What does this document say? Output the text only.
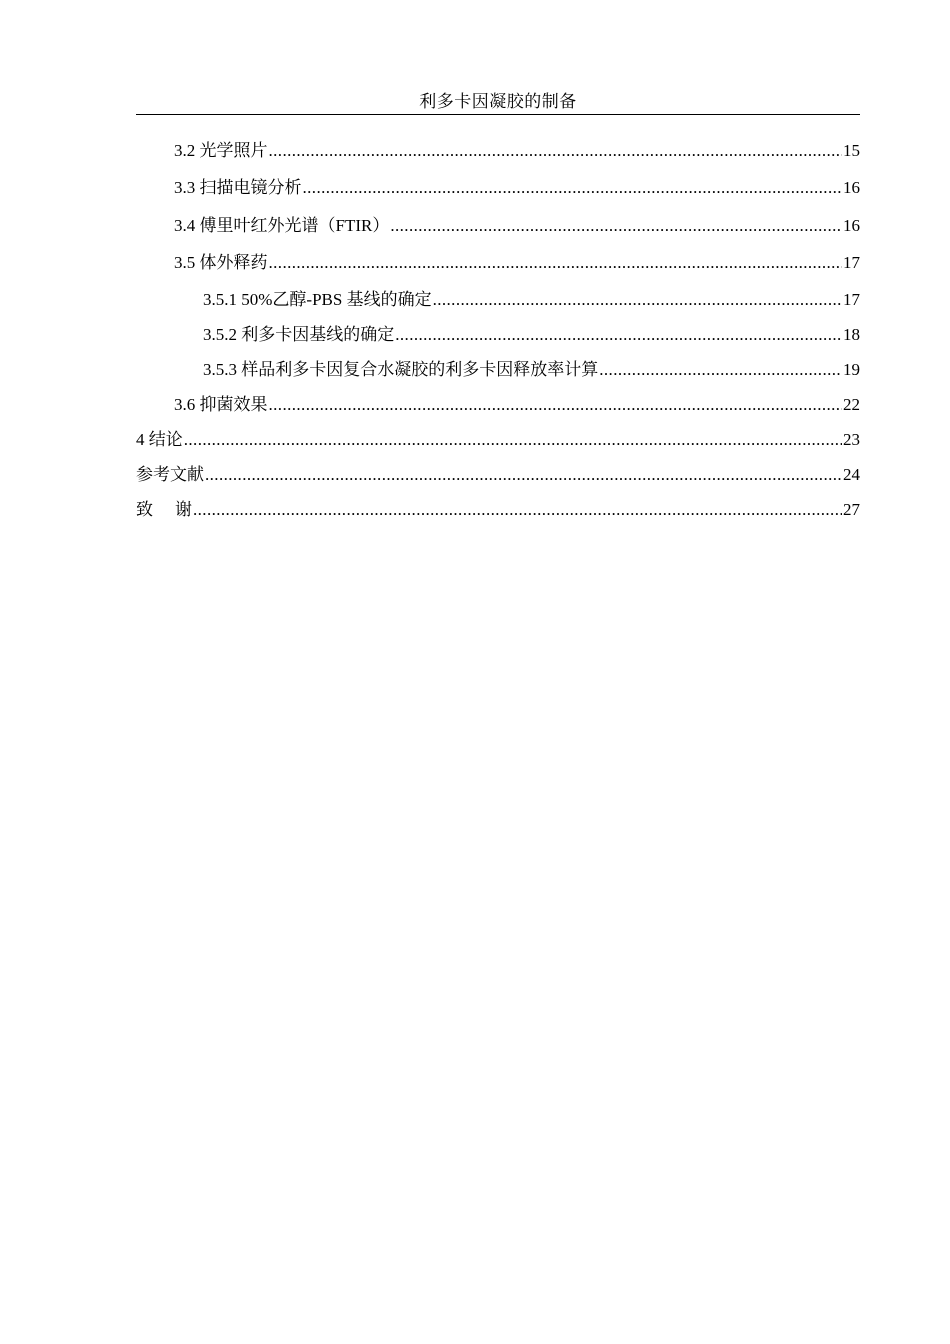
利多卡因凝胶的制备
3.2 光学照片 .....	15
3.3 扫描电镜分析 .....	16
3.4 傅里叶红外光谱（FTIR） .....	16
3.5 体外释药 .....	17
3.5.1 50%乙醇-PBS 基线的确定 .....	17
3.5.2 利多卡因基线的确定 .....	18
3.5.3 样品利多卡因复合水凝胶的利多卡因释放率计算 .....	19
3.6 抑菌效果 .....	22
4 结论 .....	23
参考文献 .....	24
致 谢 .....	27
